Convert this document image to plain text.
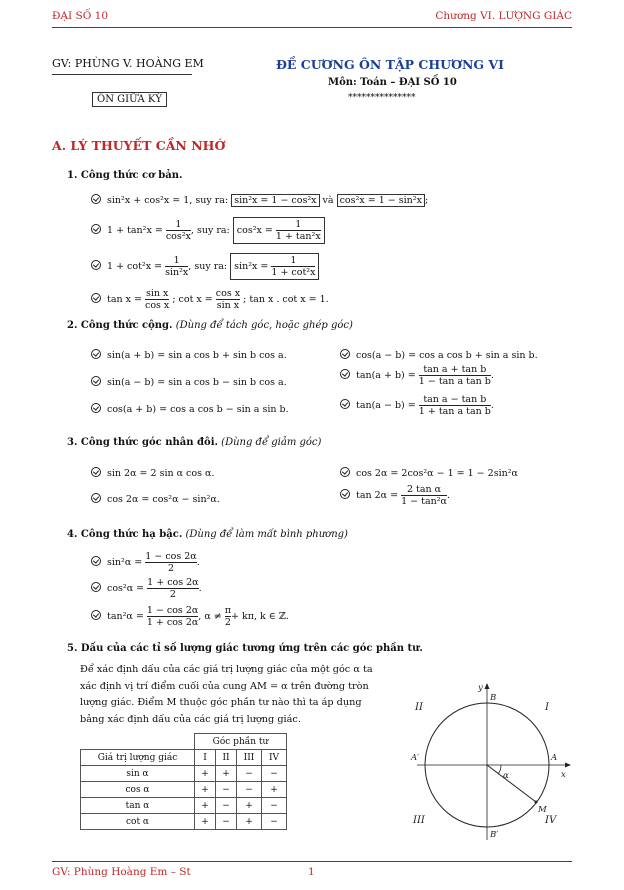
ĐẠI SỐ 10	Chương VI. LƯỢNG GIÁC
GV: PHÙNG V. HOÀNG EM
ÔN GIỮA KỲ
ĐỀ CƯƠNG ÔN TẬP CHƯƠNG VI
Môn: Toán – ĐẠI SỐ 10
***************
A. LÝ THUYẾT CẦN NHỚ
1. Công thức cơ bản.
sin²x + cos²x = 1, suy ra: sin²x = 1 − cos²x và cos²x = 1 − sin²x ;
$1 + \tan^2x = \frac{1}{\text{cos²x}}$ , suy ra: $\cos^2x = \frac{1}{\text{1 + tan²x}}$
$1 + \cot^2x = \frac{1}{\text{sin²x}}$ , suy ra: $\sin^2x = \frac{1}{\text{1 + cot²x}}$
$\tan x = \frac{\text{sin x}}{\text{cos x}}$ ; $\cot x = \frac{\text{cos x}}{\text{sin x}}$ ; tan x . cot x = 1.
2. Công thức cộng. (Dùng để tách góc, hoặc ghép góc)
sin(a + b) = sin a cos b + sin b cos a.
sin(a − b) = sin a cos b − sin b cos a.
cos(a + b) = cos a cos b − sin a sin b.
cos(a − b) = cos a cos b + sin a sin b.
$\tan(a + b) = \frac{\text{tan a + tan b}}{\text{1 − tan a tan b}}$ .
$\tan(a - b) = \frac{\text{tan a − tan b}}{\text{1 + tan a tan b}}$ .
3. Công thức góc nhân đôi. (Dùng để giảm góc)
sin 2α = 2 sin α cos α.
cos 2α = cos²α − sin²α.
cos 2α = 2cos²α − 1 = 1 − 2sin²α
$\tan 2\alpha = \frac{\text{2 tan α}}{\text{1 − tan²α}}$ .
4. Công thức hạ bậc. (Dùng để làm mất bình phương)
$\sin^2\alpha = \frac{1 - \cos 2\alpha}{2}$ .
$\cos^2\alpha = \frac{1 + \cos 2\alpha}{2}$ .
$\tan^2\alpha = \frac{1 - \cos 2\alpha}{1 + \cos 2\alpha}$ , $\alpha \ne \frac{\pi}{2} + k\pi$, k ∈ ℤ.
5. Dấu của các tỉ số lượng giác tương ứng trên các góc phần tư.
Để xác định dấu của các giá trị lượng giác của một góc α ta
xác định vị trí điểm cuối của cung AM = α trên đường tròn
lượng giác. Điểm M thuộc góc phần tư nào thì ta áp dụng
bảng xác định dấu của các giá trị lượng giác.
	Góc phần tư			
Giá trị lượng giác	I	II	III	IV
sin α	+	+	−	−
cos α	+	−	−	+
tan α	+	−	+	−
cot α	+	−	+	−
y
x
B
B′
A
A′
M
α
I
II
III	IV
GV: Phùng Hoàng Em – St	1
